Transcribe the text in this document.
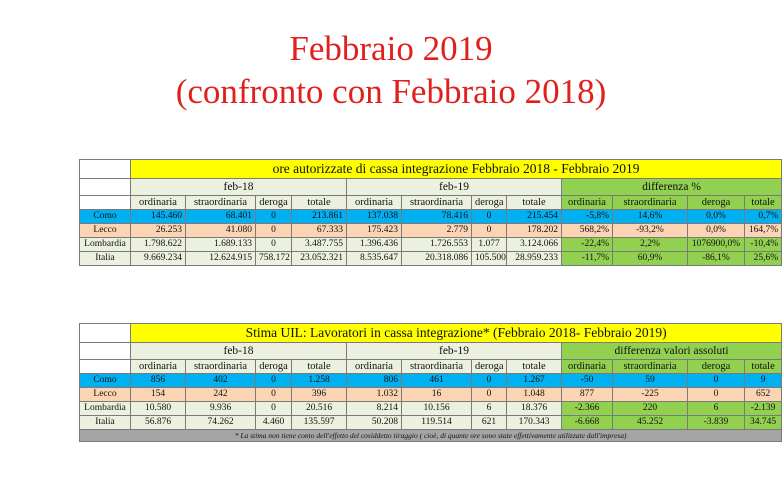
Febbraio 2019
(confronto con Febbraio 2018)
	ore autorizzate di cassa integrazione Febbraio 2018 - Febbraio 2019											
	feb-18				feb-19				differenza %			
	ordinaria	straordinaria	deroga	totale	ordinaria	straordinaria	deroga	totale	ordinaria	straordinaria	deroga	totale
Como	145.460	68.401	0	213.861	137.038	78.416	0	215.454	-5,8%	14,6%	0,0%	0,7%
Lecco	26.253	41.080	0	67.333	175.423	2.779	0	178.202	568,2%	-93,2%	0,0%	164,7%
Lombardia	1.798.622	1.689.133	0	3.487.755	1.396.436	1.726.553	1.077	3.124.066	-22,4%	2,2%	1076900,0%	-10,4%
Italia	9.669.234	12.624.915	758.172	23.052.321	8.535.647	20.318.086	105.500	28.959.233	-11,7%	60,9%	-86,1%	25,6%
	Stima UIL: Lavoratori in cassa integrazione* (Febbraio 2018- Febbraio 2019)											
	feb-18				feb-19				differenza valori assoluti			
	ordinaria	straordinaria	deroga	totale	ordinaria	straordinaria	deroga	totale	ordinaria	straordinaria	deroga	totale
Como	856	402	0	1.258	806	461	0	1.267	-50	59	0	9
Lecco	154	242	0	396	1.032	16	0	1.048	877	-225	0	652
Lombardia	10.580	9.936	0	20.516	8.214	10.156	6	18.376	-2.366	220	6	-2.139
Italia	56.876	74.262	4.460	135.597	50.208	119.514	621	170.343	-6.668	45.252	-3.839	34.745
* La stima non tiene conto dell'effetto del cosiddetto tiraggio ( cioè, di quante ore sono state effettivamente utilizzate dall'impresa)												
